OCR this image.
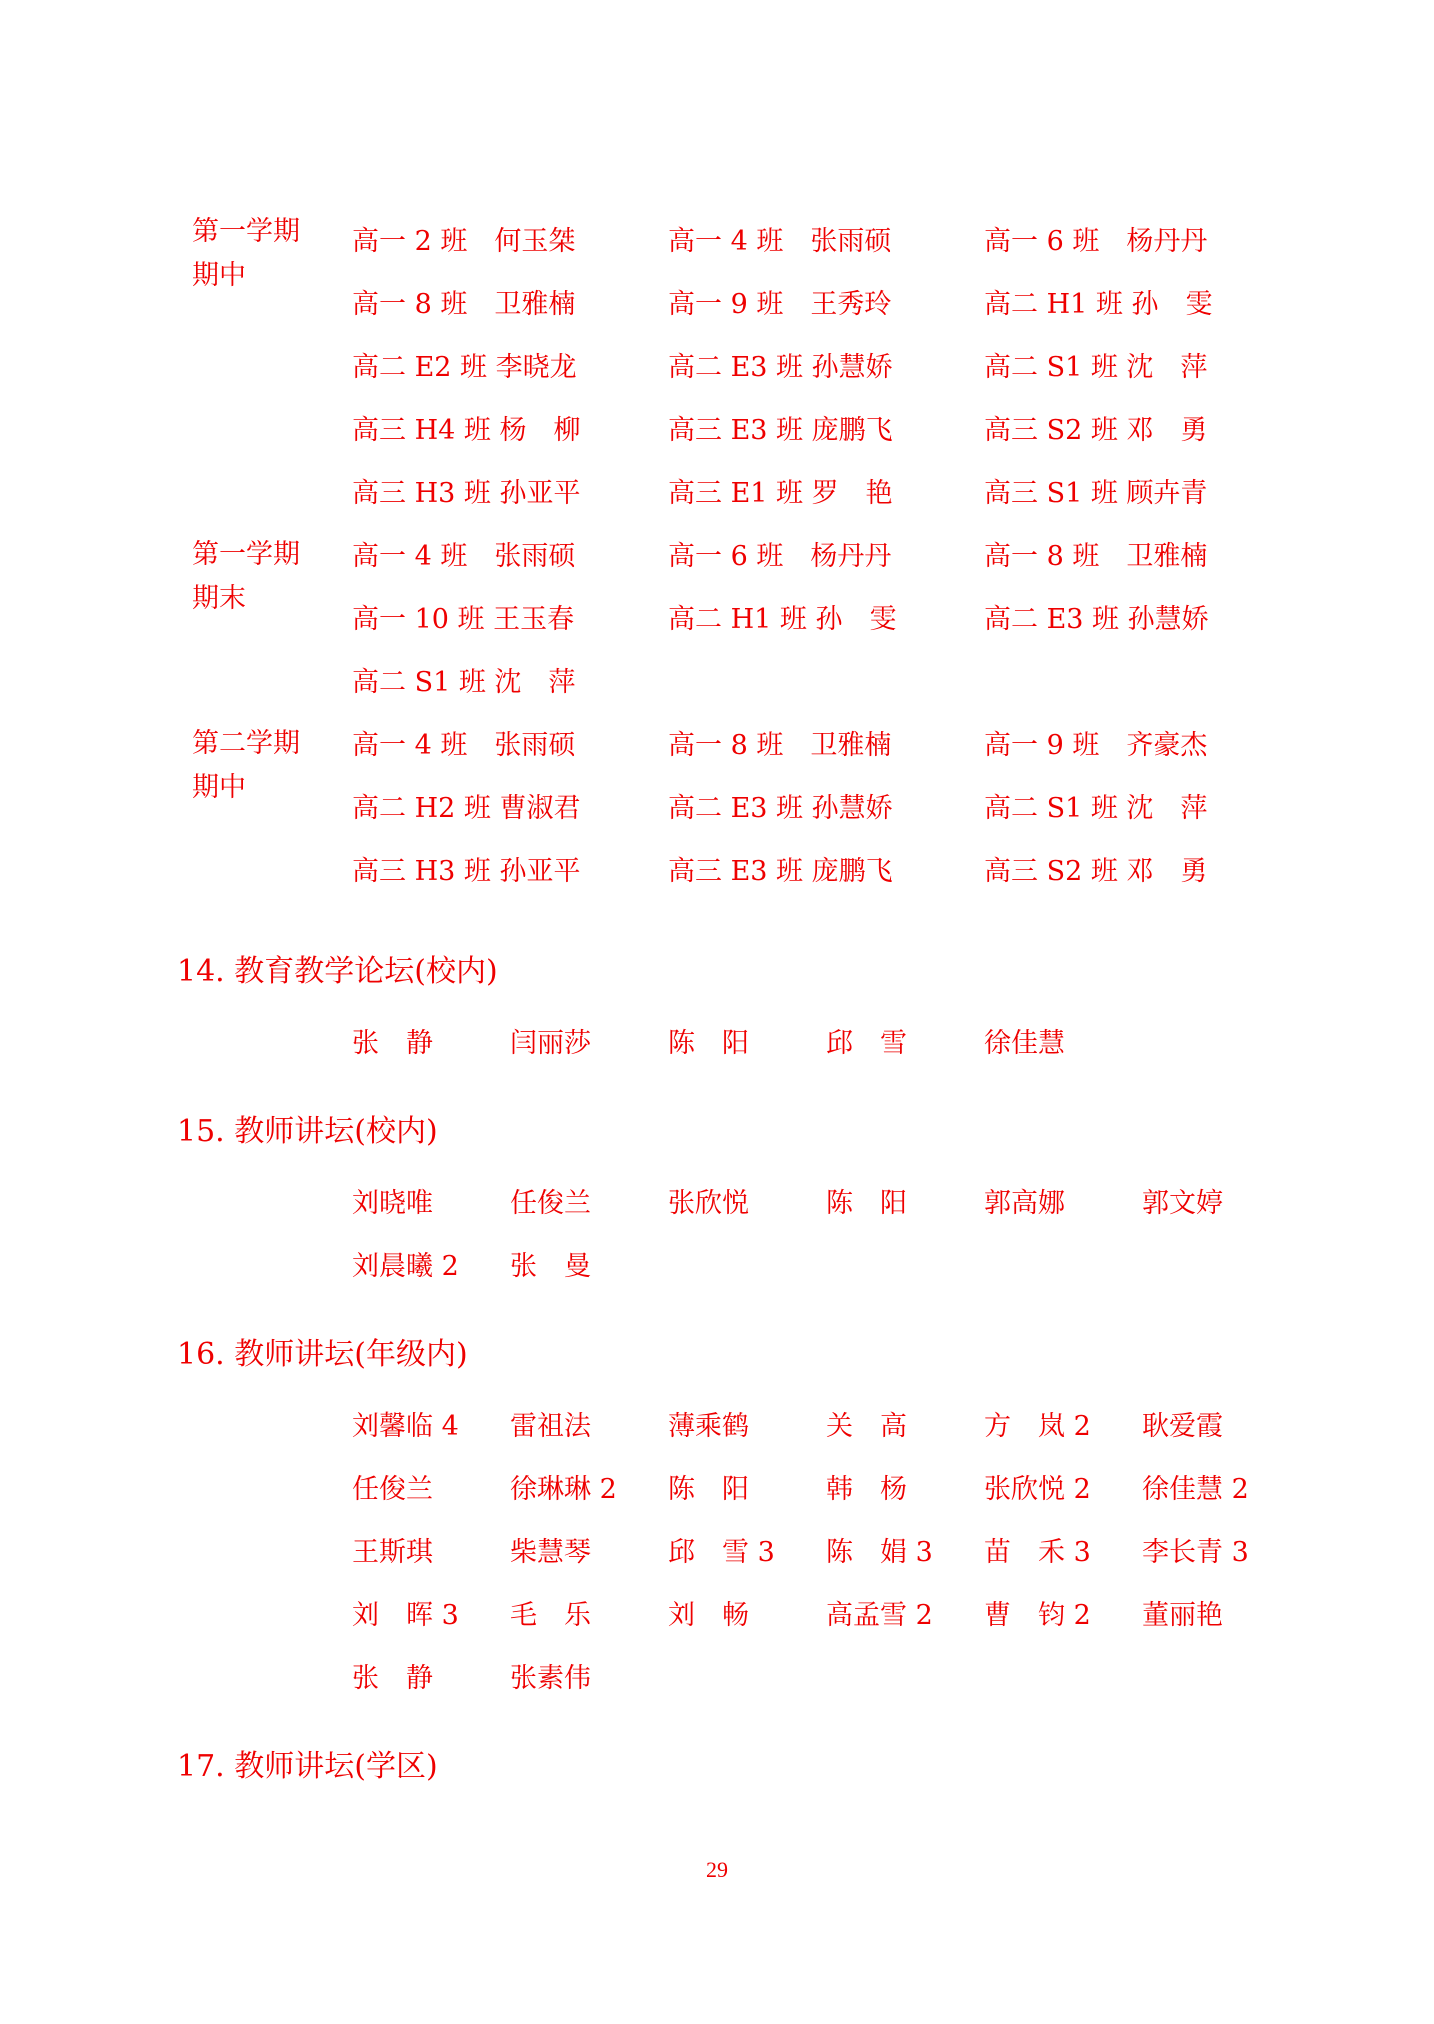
第一学期
期中
高一 2 班　何玉桀	高一 4 班　张雨硕	高一 6 班　杨丹丹
高一 8 班　卫雅楠	高一 9 班　王秀玲	高二 H1 班 孙　雯
高二 E2 班 李晓龙	高二 E3 班 孙慧娇	高二 S1 班 沈　萍
高三 H4 班 杨　柳	高三 E3 班 庞鹏飞	高三 S2 班 邓　勇
高三 H3 班 孙亚平	高三 E1 班 罗　艳	高三 S1 班 顾卉青
第一学期
期末
高一 4 班　张雨硕	高一 6 班　杨丹丹	高一 8 班　卫雅楠
高一 10 班 王玉春	高二 H1 班 孙　雯	高二 E3 班 孙慧娇
高二 S1 班 沈　萍
第二学期
期中
高一 4 班　张雨硕	高一 8 班　卫雅楠	高一 9 班　齐豪杰
高二 H2 班 曹淑君	高二 E3 班 孙慧娇	高二 S1 班 沈　萍
高三 H3 班 孙亚平	高三 E3 班 庞鹏飞	高三 S2 班 邓　勇
14. 教育教学论坛(校内)
张　静	闫丽莎	陈　阳	邱　雪	徐佳慧
15. 教师讲坛(校内)
刘晓唯	任俊兰	张欣悦	陈　阳	郭高娜	郭文婷
刘晨曦 2 张　曼
16. 教师讲坛(年级内)
刘馨临 4 雷祖法	薄乘鹤	关　高	方　岚 2 耿爱霞
任俊兰	徐琳琳 2 陈　阳	韩　杨	张欣悦 2 徐佳慧 2
王斯琪	柴慧琴	邱　雪 3 陈　娟 3 苗　禾 3 李长青 3
刘　晖 3 毛　乐	刘　畅	高孟雪 2 曹　钧 2 董丽艳
张　静	张素伟
17. 教师讲坛(学区)
29
